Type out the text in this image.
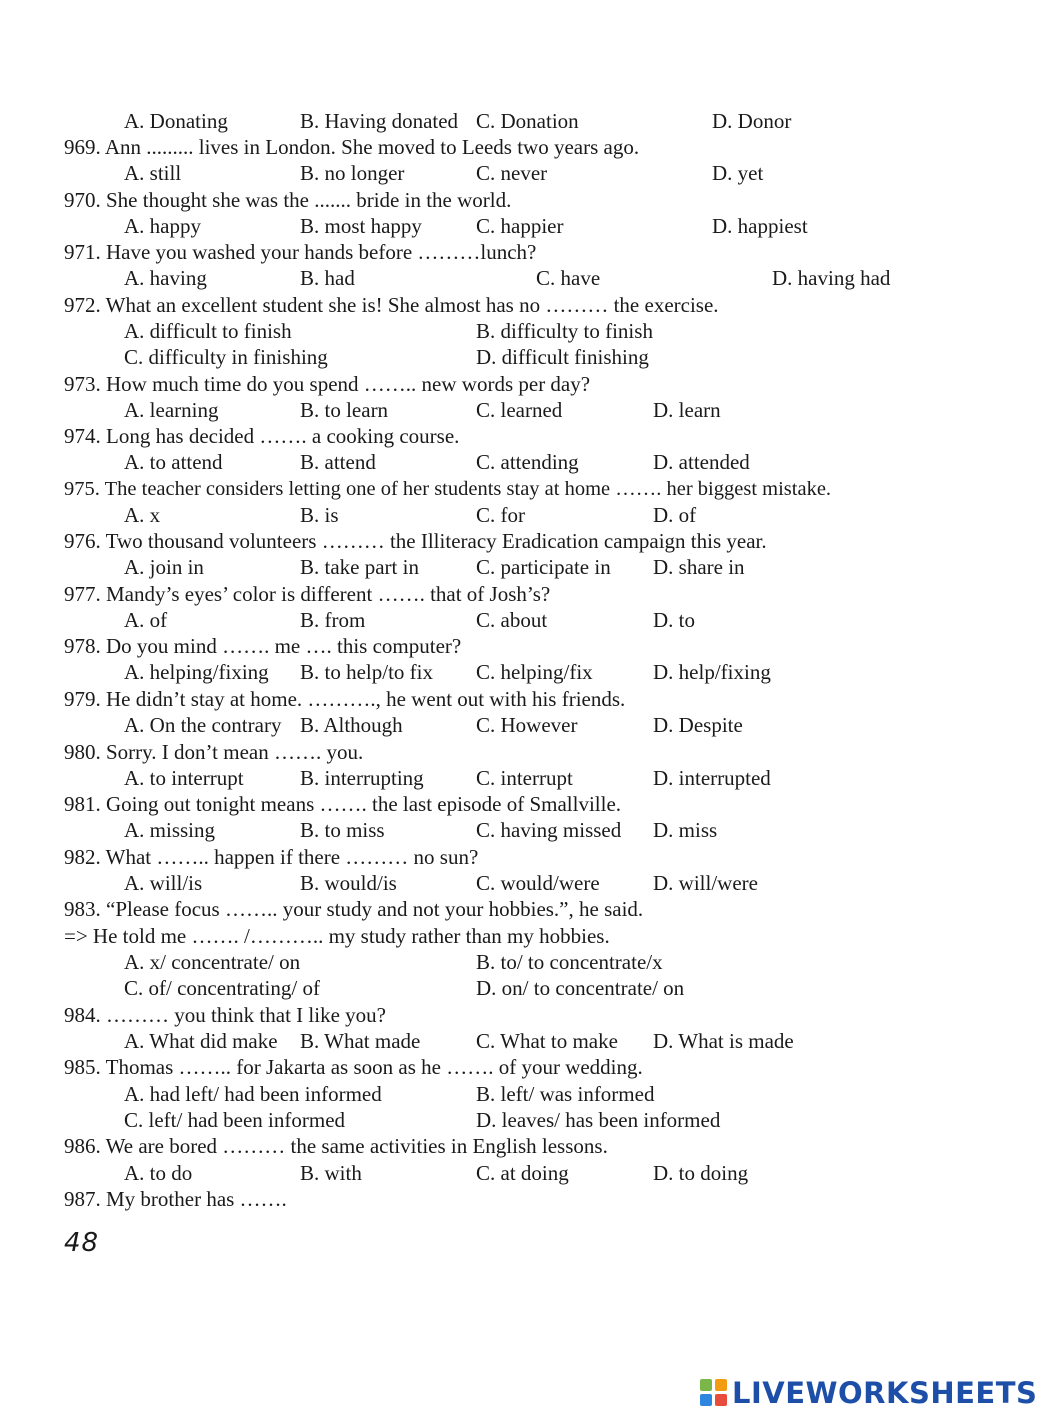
A. Donating	B. Having donated C. Donation	D. Donor
969. Ann ......... lives in London. She moved to Leeds two years ago.
A. still	B. no longer	C. never	D. yet
970. She thought she was the ....... bride in the world.
A. happy	B. most happy	C. happier	D. happiest
971. Have you washed your hands before ………lunch?
A. having	B. had	C. have	D. having had
972. What an excellent student she is! She almost has no ……… the exercise.
A. difficult to finish	B. difficulty to finish
C. difficulty in finishing	D. difficult finishing
973. How much time do you spend …….. new words per day?
A. learning	B. to learn	C. learned	D. learn
974. Long has decided ……. a cooking course.
A. to attend	B. attend	C. attending	D. attended
975. The teacher considers letting one of her students stay at home ……. her biggest mistake.
A. x	B. is	C. for	D. of
976. Two thousand volunteers ……… the Illiteracy Eradication campaign this year.
A. join in	B. take part in	C. participate in D. share in
977. Mandy’s eyes’ color is different ……. that of Josh’s?
A. of	B. from	C. about	D. to
978. Do you mind ……. me …. this computer?
A. helping/fixing B. to help/to fix C. helping/fix	D. help/fixing
979. He didn’t stay at home. ………., he went out with his friends.
A. On the contrary B. Although	C. However	D. Despite
980. Sorry. I don’t mean ……. you.
A. to interrupt	B. interrupting C. interrupt	D. interrupted
981. Going out tonight means ……. the last episode of Smallville.
A. missing	B. to miss	C. having missed D. miss
982. What …….. happen if there ……… no sun?
A. will/is	B. would/is	C. would/were	D. will/were
983. “Please focus …….. your study and not your hobbies.”, he said.
=> He told me ……. /……….. my study rather than my hobbies.
A. x/ concentrate/ on	B. to/ to concentrate/x
C. of/ concentrating/ of	D. on/ to concentrate/ on
984. ……… you think that I like you?
A. What did make B. What made	C. What to make D. What is made
985. Thomas …….. for Jakarta as soon as he ……. of your wedding.
A. had left/ had been informed	B. left/ was informed
C. left/ had been informed	D. leaves/ has been informed
986. We are bored ……… the same activities in English lessons.
A. to do	B. with	C. at doing	D. to doing
987. My brother has …….
48
LIVEWORKSHEETS
